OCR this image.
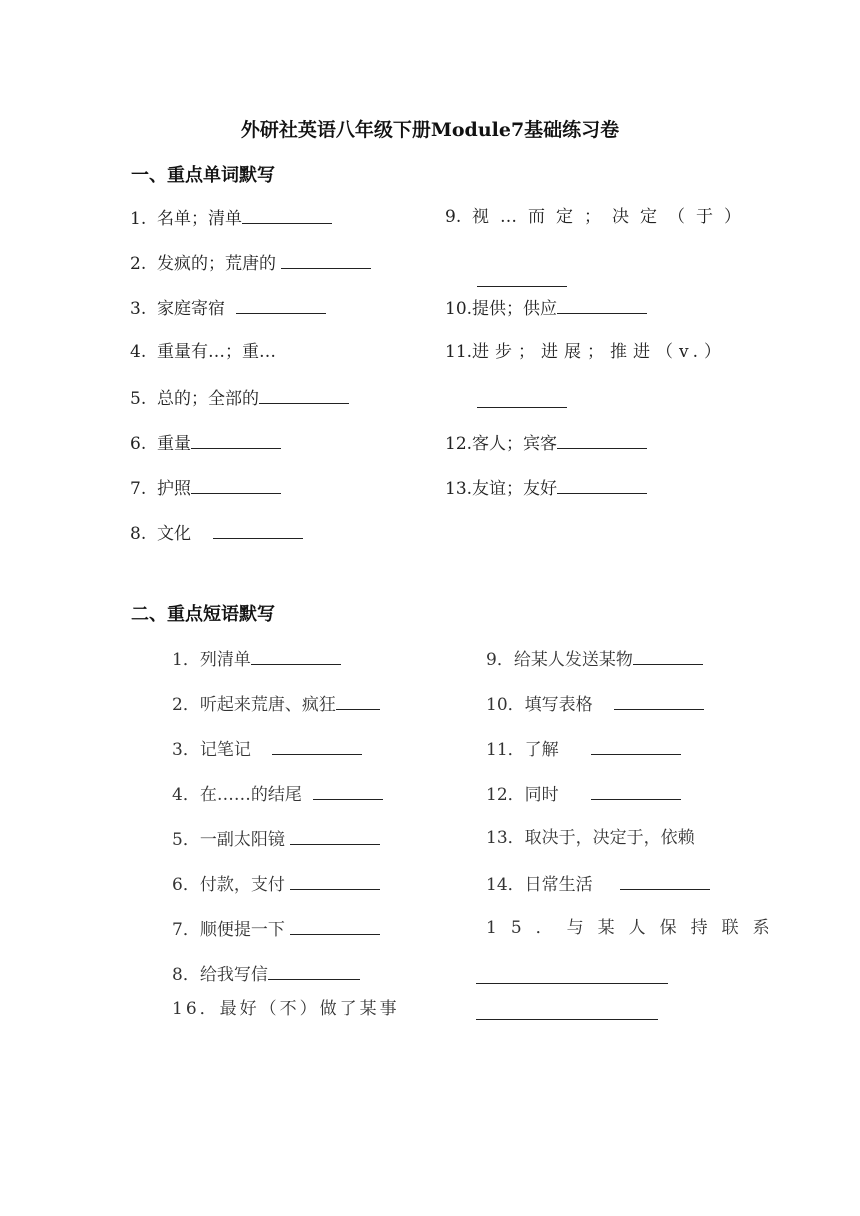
外研社英语八年级下册Module7基础练习卷
一、重点单词默写
1. 名单；清单
2. 发疯的；荒唐的
3. 家庭寄宿
4. 重量有…；重…
5. 总的；全部的
6. 重量
7. 护照
8. 文化
9. 视…而定；决定（于）
10.提供；供应
11.进步；进展；推进（v.）
12.客人；宾客
13.友谊；友好
二、重点短语默写
1．列清单
2．听起来荒唐、疯狂
3．记笔记
4．在……的结尾
5．一副太阳镜
6．付款，支付
7．顺便提一下
8．给我写信
16．最好（不）做了某事
9．给某人发送某物
10．填写表格
11．了解
12．同时
13．取决于，决定于，依赖
14．日常生活
15．与某人保持联系
